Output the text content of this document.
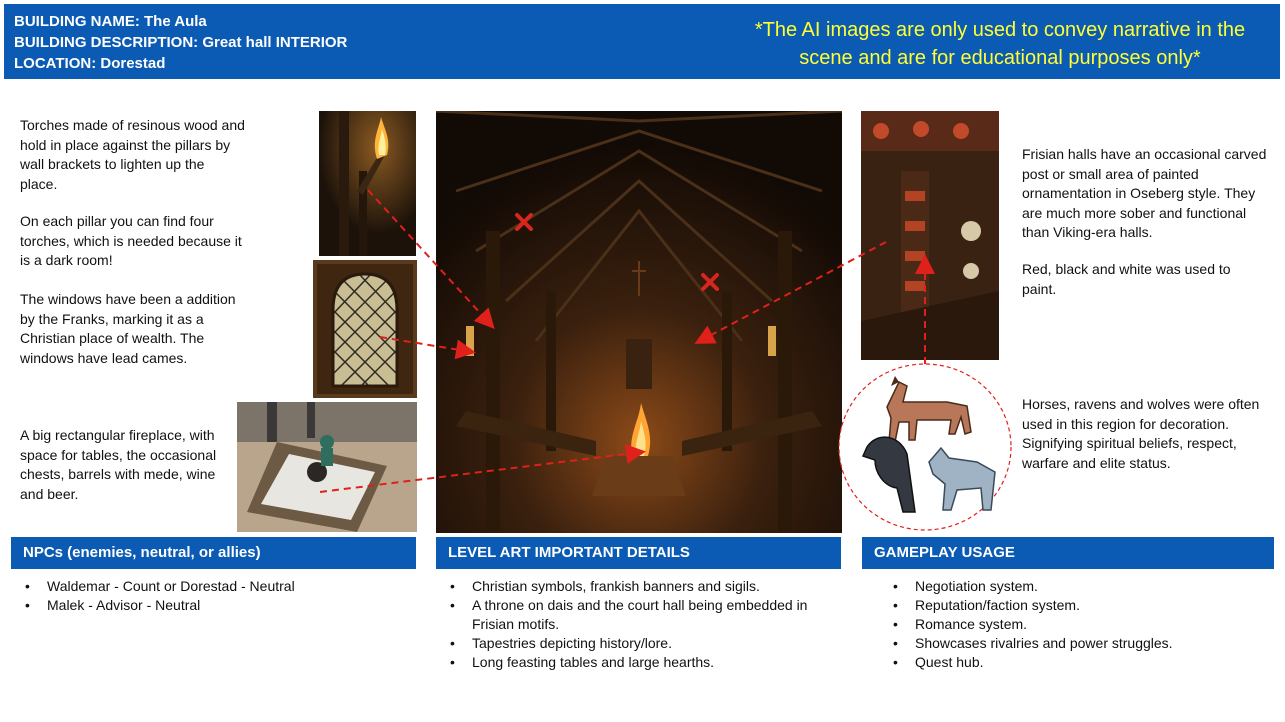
BUILDING NAME: The Aula
BUILDING DESCRIPTION: Great hall INTERIOR
LOCATION: Dorestad
*The AI images are only used to convey narrative in the scene and are for educational purposes only*
Torches made of resinous wood and hold in place against the pillars by wall brackets to lighten up the place.
On each pillar you can find four torches, which is needed because it is a dark room!
The windows have been a addition by the Franks, marking it as a Christian place of wealth. The windows have lead cames.
A big rectangular fireplace, with space for tables, the occasional chests, barrels with mede, wine and beer.
Frisian halls have an occasional carved post or small area of painted ornamentation in Oseberg style. They are much more sober and functional than Viking-era halls.
Red, black and white was used to paint.
Horses, ravens and wolves were often used in this region for decoration. Signifying spiritual beliefs, respect, warfare and elite status.
NPCs (enemies, neutral, or allies)	LEVEL ART IMPORTANT DETAILS	GAMEPLAY USAGE
• Waldemar - Count or Dorestad - Neutral
• Malek - Advisor - Neutral
• Christian symbols, frankish banners and sigils.
• A throne on dais and the court hall being embedded in Frisian motifs.
• Tapestries depicting history/lore.
• Long feasting tables and large hearths.
• Negotiation system.
• Reputation/faction system.
• Romance system.
• Showcases rivalries and power struggles.
• Quest hub.
